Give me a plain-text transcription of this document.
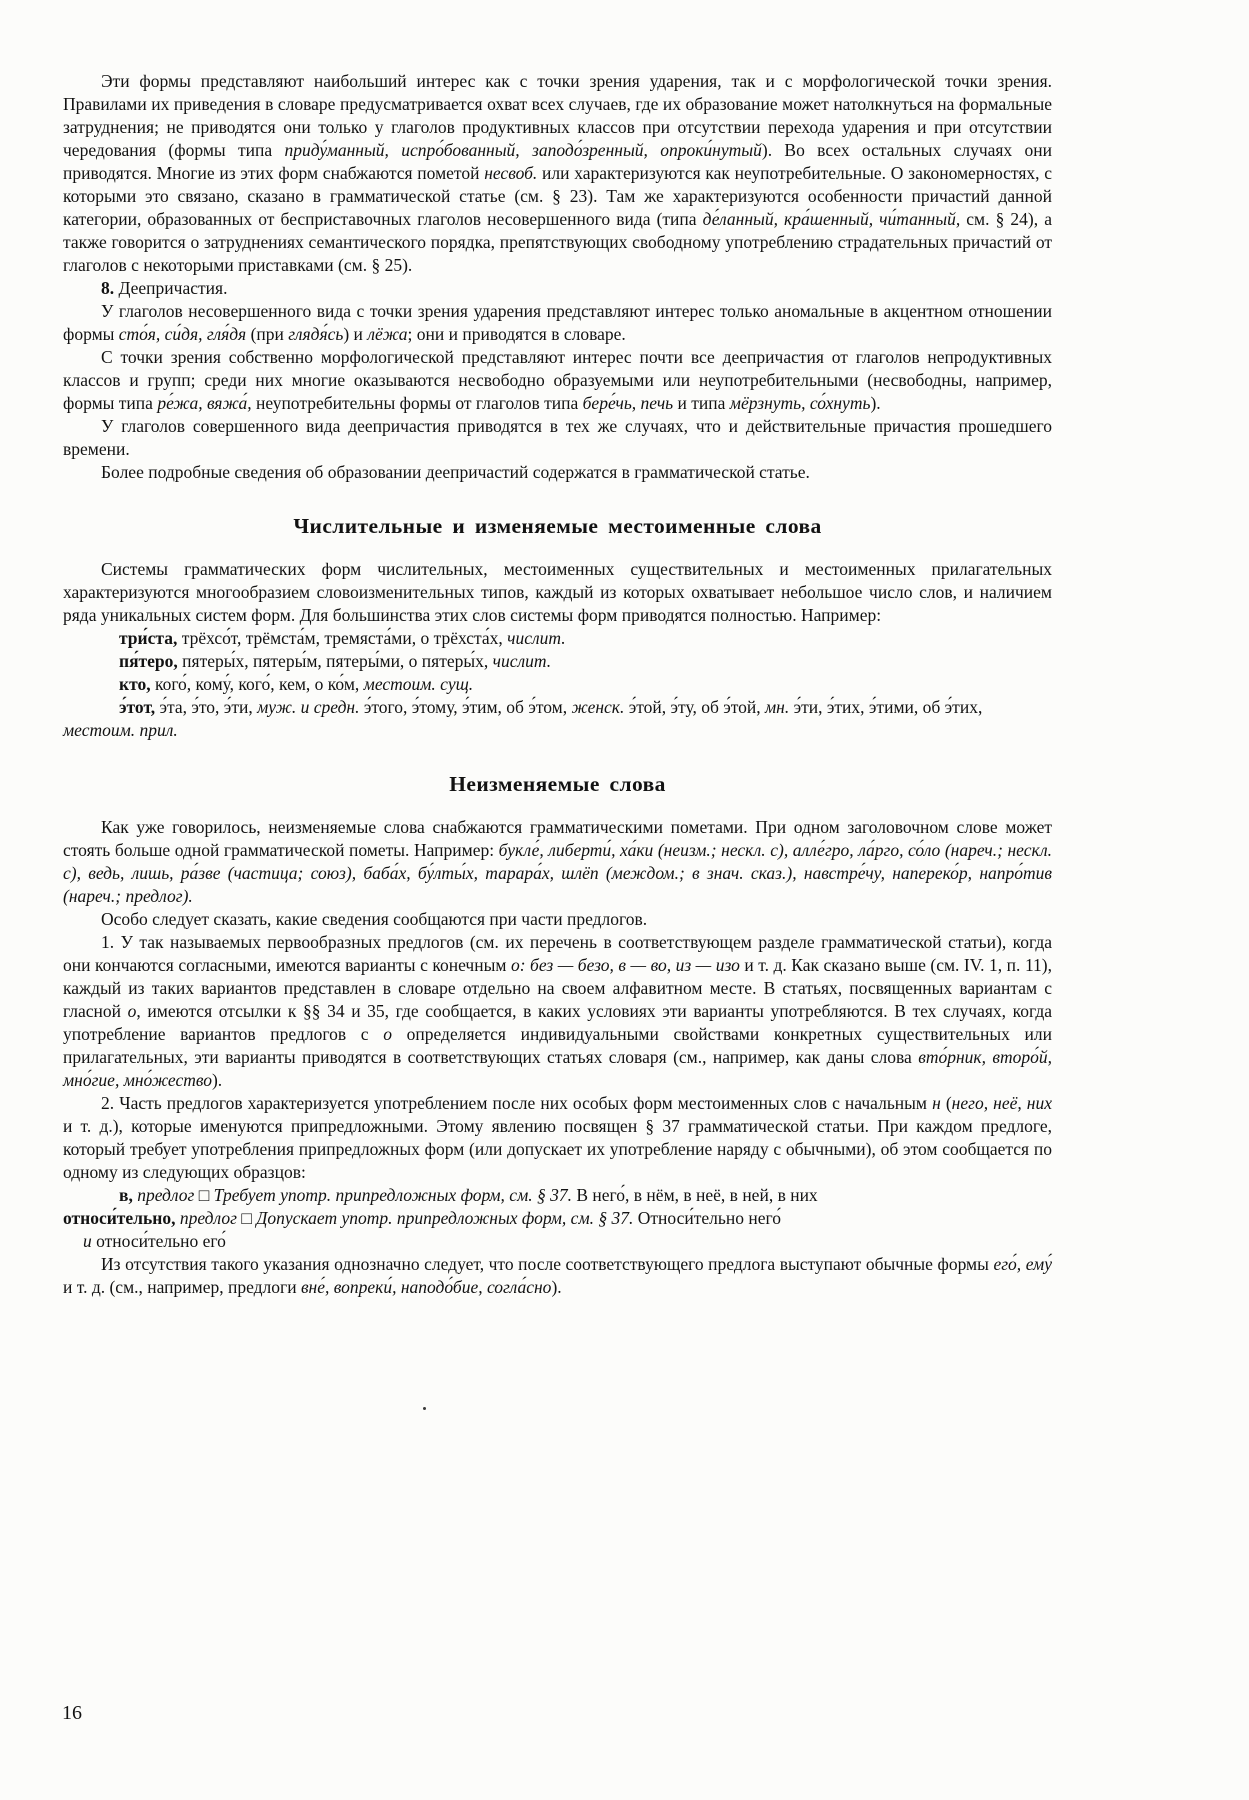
Эти формы представляют наибольший интерес как с точки зрения ударения, так и с морфологической точки зрения. Правилами их приведения в словаре предусматривается охват всех случаев, где их образование может натолкнуться на формальные затруднения; не приводятся они только у глаголов продуктивных классов при отсутствии перехода ударения и при отсутствии чередования (формы типа приду́манный, испро́бованный, заподо́зренный, опроки́нутый). Во всех остальных случаях они приводятся. Многие из этих форм снабжаются пометой несвоб. или характеризуются как неупотребительные. О закономерностях, с которыми это связано, сказано в грамматической статье (см. § 23). Там же характеризуются особенности причастий данной категории, образованных от бесприставочных глаголов несовершенного вида (типа де́ланный, кра́шенный, чи́танный, см. § 24), а также говорится о затруднениях семантического порядка, препятствующих свободному употреблению страдательных причастий от глаголов с некоторыми приставками (см. § 25).

8. Деепричастия.

У глаголов несовершенного вида с точки зрения ударения представляют интерес только аномальные в акцентном отношении формы сто́я, си́дя, гля́дя (при глядя́сь) и лёжа; они и приводятся в словаре.

С точки зрения собственно морфологической представляют интерес почти все деепричастия от глаголов непродуктивных классов и групп; среди них многие оказываются несвободно образуемыми или неупотребительными (несвободны, например, формы типа ре́жа, вяжа́, неупотребительны формы от глаголов типа бере́чь, печь и типа мёрзнуть, со́хнуть).

У глаголов совершенного вида деепричастия приводятся в тех же случаях, что и действительные причастия прошедшего времени.

Более подробные сведения об образовании деепричастий содержатся в грамматической статье.

Числительные и изменяемые местоименные слова

Системы грамматических форм числительных, местоименных существительных и местоименных прилагательных характеризуются многообразием словоизменительных типов, каждый из которых охватывает небольшое число слов, и наличием ряда уникальных систем форм. Для большинства этих слов системы форм приводятся полностью. Например:

три́ста, трёхсо́т, трёмста́м, тремяста́ми, о трёхста́х, числит.

пя́теро, пятеры́х, пятеры́м, пятеры́ми, о пятеры́х, числит.

кто, кого́, кому́, кого́, кем, о ко́м, местоим. сущ.

э́тот, э́та, э́то, э́ти, муж. и средн. э́того, э́тому, э́тим, об э́том, женск. э́той, э́ту, об э́той, мн. э́ти, э́тих, э́тими, об э́тих, местоим. прил.

Неизменяемые слова

Как уже говорилось, неизменяемые слова снабжаются грамматическими пометами. При одном заголовочном слове может стоять больше одной грамматической пометы. Например: букле́, либерти́, ха́ки (неизм.; нескл. с), алле́гро, ла́рго, со́ло (нареч.; нескл. с), ведь, лишь, ра́зве (частица; союз), баба́х, бу́лты́х, тарара́х, шлёп (междом.; в знач. сказ.), навстре́чу, напереко́р, напро́тив (нареч.; предлог).

Особо следует сказать, какие сведения сообщаются при части предлогов.

1. У так называемых первообразных предлогов (см. их перечень в соответствующем разделе грамматической статьи), когда они кончаются согласными, имеются варианты с конечным о: без — безо, в — во, из — изо и т. д. Как сказано выше (см. IV. 1, п. 11), каждый из таких вариантов представлен в словаре отдельно на своем алфавитном месте. В статьях, посвященных вариантам с гласной о, имеются отсылки к §§ 34 и 35, где сообщается, в каких условиях эти варианты употребляются. В тех случаях, когда употребление вариантов предлогов с о определяется индивидуальными свойствами конкретных существительных или прилагательных, эти варианты приводятся в соответствующих статьях словаря (см., например, как даны слова вто́рник, второ́й, мно́гие, мно́жество).

2. Часть предлогов характеризуется употреблением после них особых форм местоименных слов с начальным н (него, неё, них и т. д.), которые именуются припредложными. Этому явлению посвящен § 37 грамматической статьи. При каждом предлоге, который требует употребления припредложных форм (или допускает их употребление наряду с обычными), об этом сообщается по одному из следующих образцов:

в, предлог □ Требует употр. припредложных форм, см. § 37. В него́, в нём, в неё, в ней, в них

относи́тельно, предлог □ Допускает употр. припредложных форм, см. § 37. Относи́тельно него́

и относи́тельно его́

Из отсутствия такого указания однозначно следует, что после соответствующего предлога выступают обычные формы его́, ему́ и т. д. (см., например, предлоги вне́, вопреки́, наподо́бие, согла́сно).

16
